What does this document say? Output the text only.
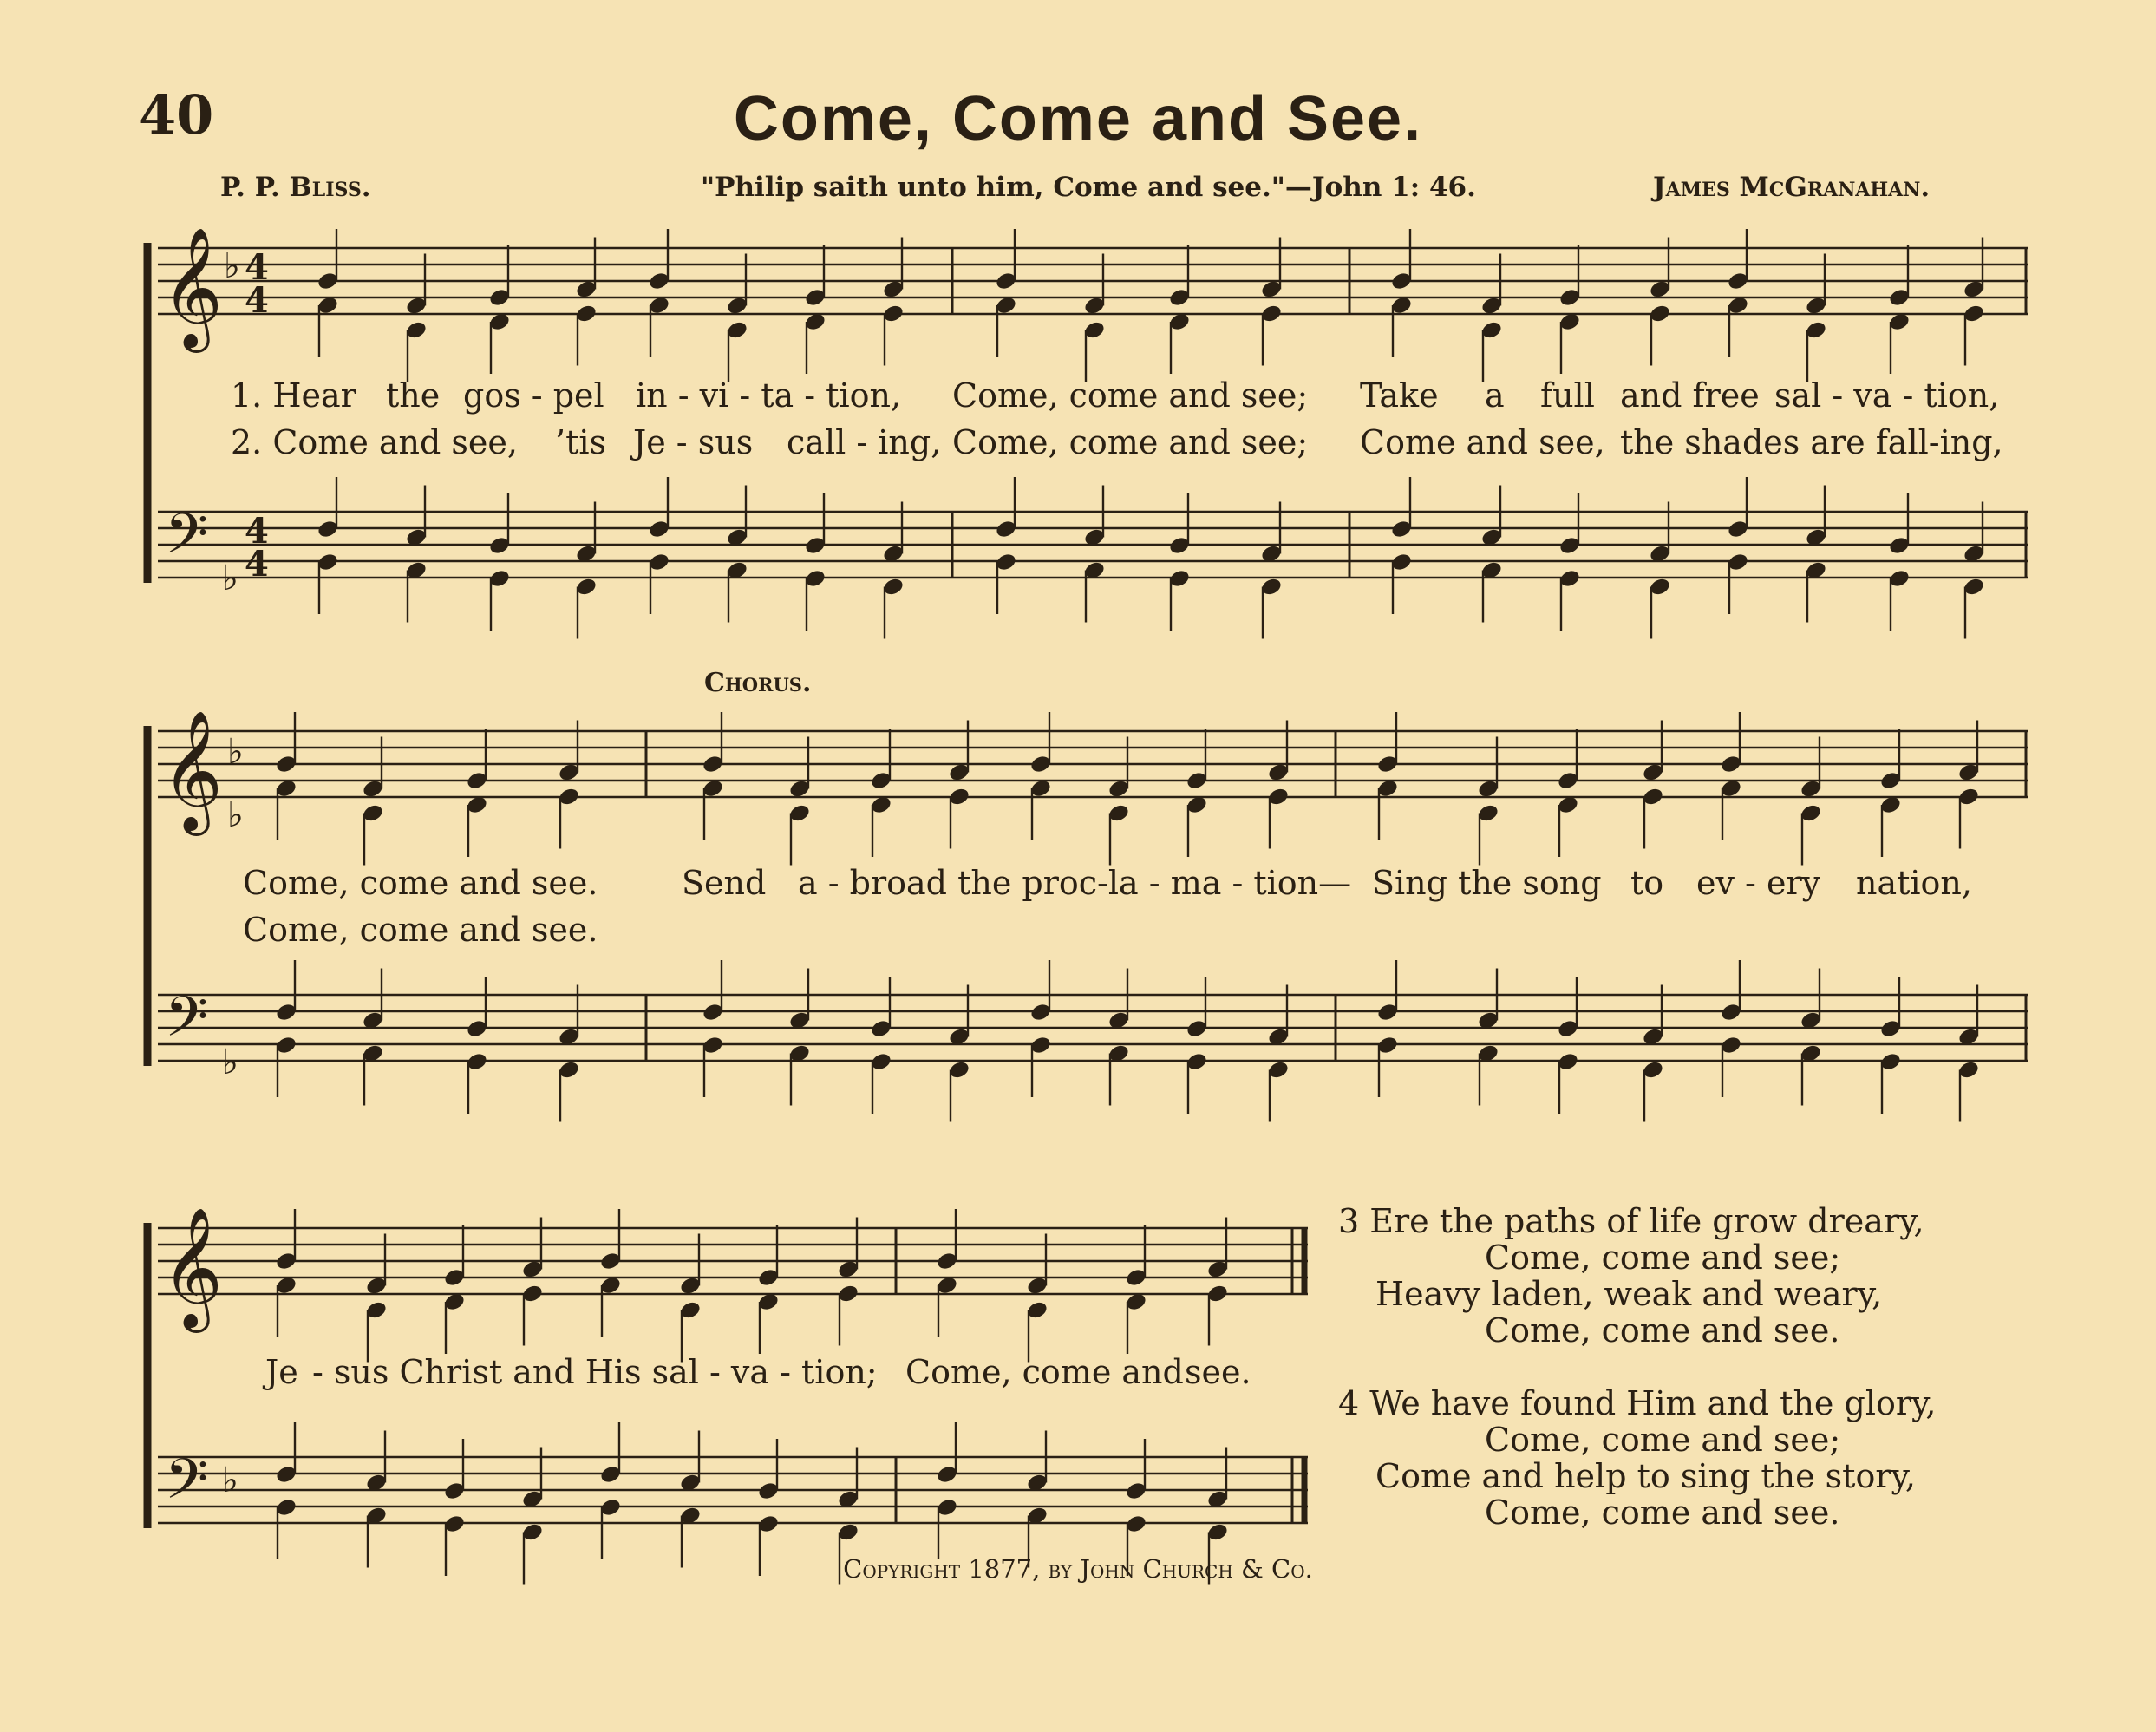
𝄞
𝄢
𝄞
𝄢
𝄞
𝄢
♭
♭
♭
♭
♭
♭
4
4
4
4
40	Come, Come and See.
P. P. Bliss.	"Philip saith unto him, Come and see."—John 1: 46.	James McGranahan.
1. Hear the gos - pel in - vi - ta - tion, Come, come and see; Take a full and free sal - va - tion,
2. Come and see, ’tis Je - sus call - ing, Come, come and see; Come and see, the shades are fall-ing,
Chorus.
Come, come and see.	Send a - broad the proc-la - ma - tion— Sing the song to ev - ery nation,
Come, come and see.
Je - sus Christ and His sal - va - tion; Come, come and see.
3 Ere the paths of life grow dreary,
Come, come and see;
Heavy laden, weak and weary,
Come, come and see.
4 We have found Him and the glory,
Come, come and see;
Come and help to sing the story,
Come, come and see.
Copyright 1877, by John Church & Co.
